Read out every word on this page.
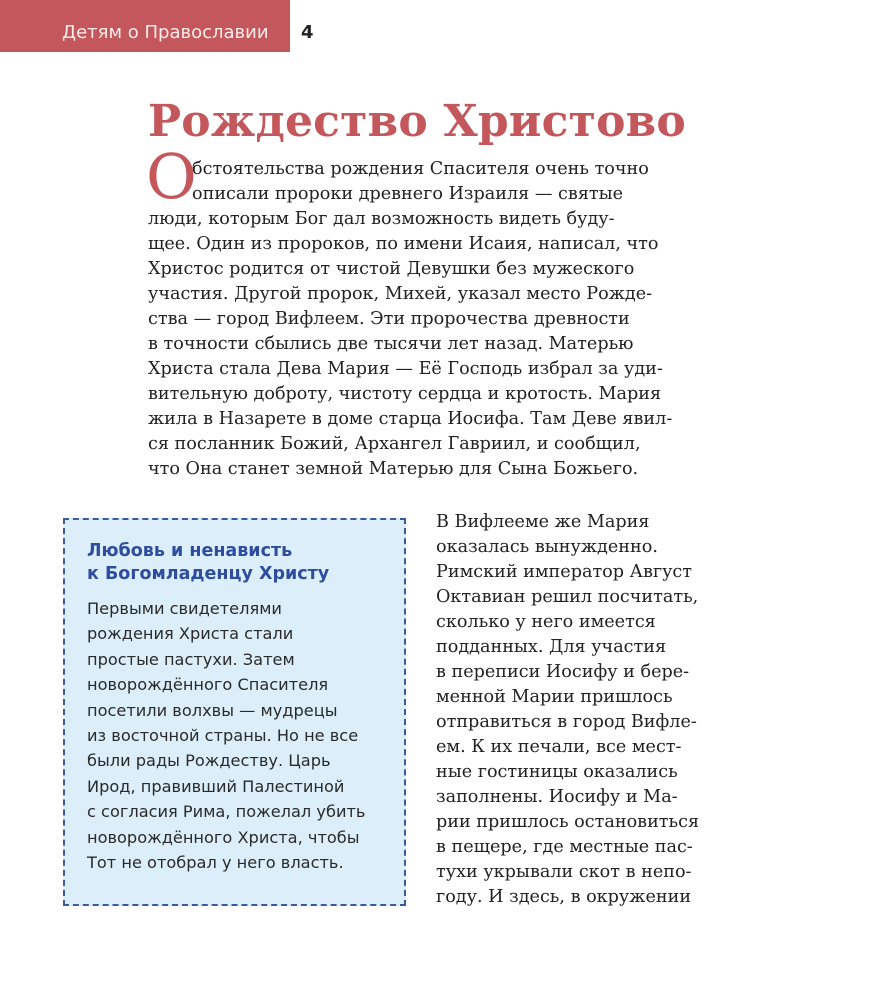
Детям о Православии 4
Рождество Христово
О
бстоятельства рождения Спасителя очень точно
описали пророки древнего Израиля — святые
люди, которым Бог дал возможность видеть буду-
щее. Один из пророков, по имени Исаия, написал, что
Христос родится от чистой Девушки без мужеского
участия. Другой пророк, Михей, указал место Рожде-
ства — город Вифлеем. Эти пророчества древности
в точности сбылись две тысячи лет назад. Матерью
Христа стала Дева Мария — Её Господь избрал за уди-
вительную доброту, чистоту сердца и кротость. Мария
жила в Назарете в доме старца Иосифа. Там Деве явил-
ся посланник Божий, Архангел Гавриил, и сообщил,
что Она станет земной Матерью для Сына Божьего.
Любовь и ненависть
к Богомладенцу Христу
Первыми свидетелями
рождения Христа стали
простые пастухи. Затем
новорождённого Спасителя
посетили волхвы — мудрецы
из восточной страны. Но не все
были рады Рождеству. Царь
Ирод, правивший Палестиной
с согласия Рима, пожелал убить
новорождённого Христа, чтобы
Тот не отобрал у него власть.
В Вифлееме же Мария
оказалась вынужденно.
Римский император Август
Октавиан решил посчитать,
сколько у него имеется
подданных. Для участия
в переписи Иосифу и бере-
менной Марии пришлось
отправиться в город Вифле-
ем. К их печали, все мест-
ные гостиницы оказались
заполнены. Иосифу и Ма-
рии пришлось остановиться
в пещере, где местные пас-
тухи укрывали скот в непо-
году. И здесь, в окружении
